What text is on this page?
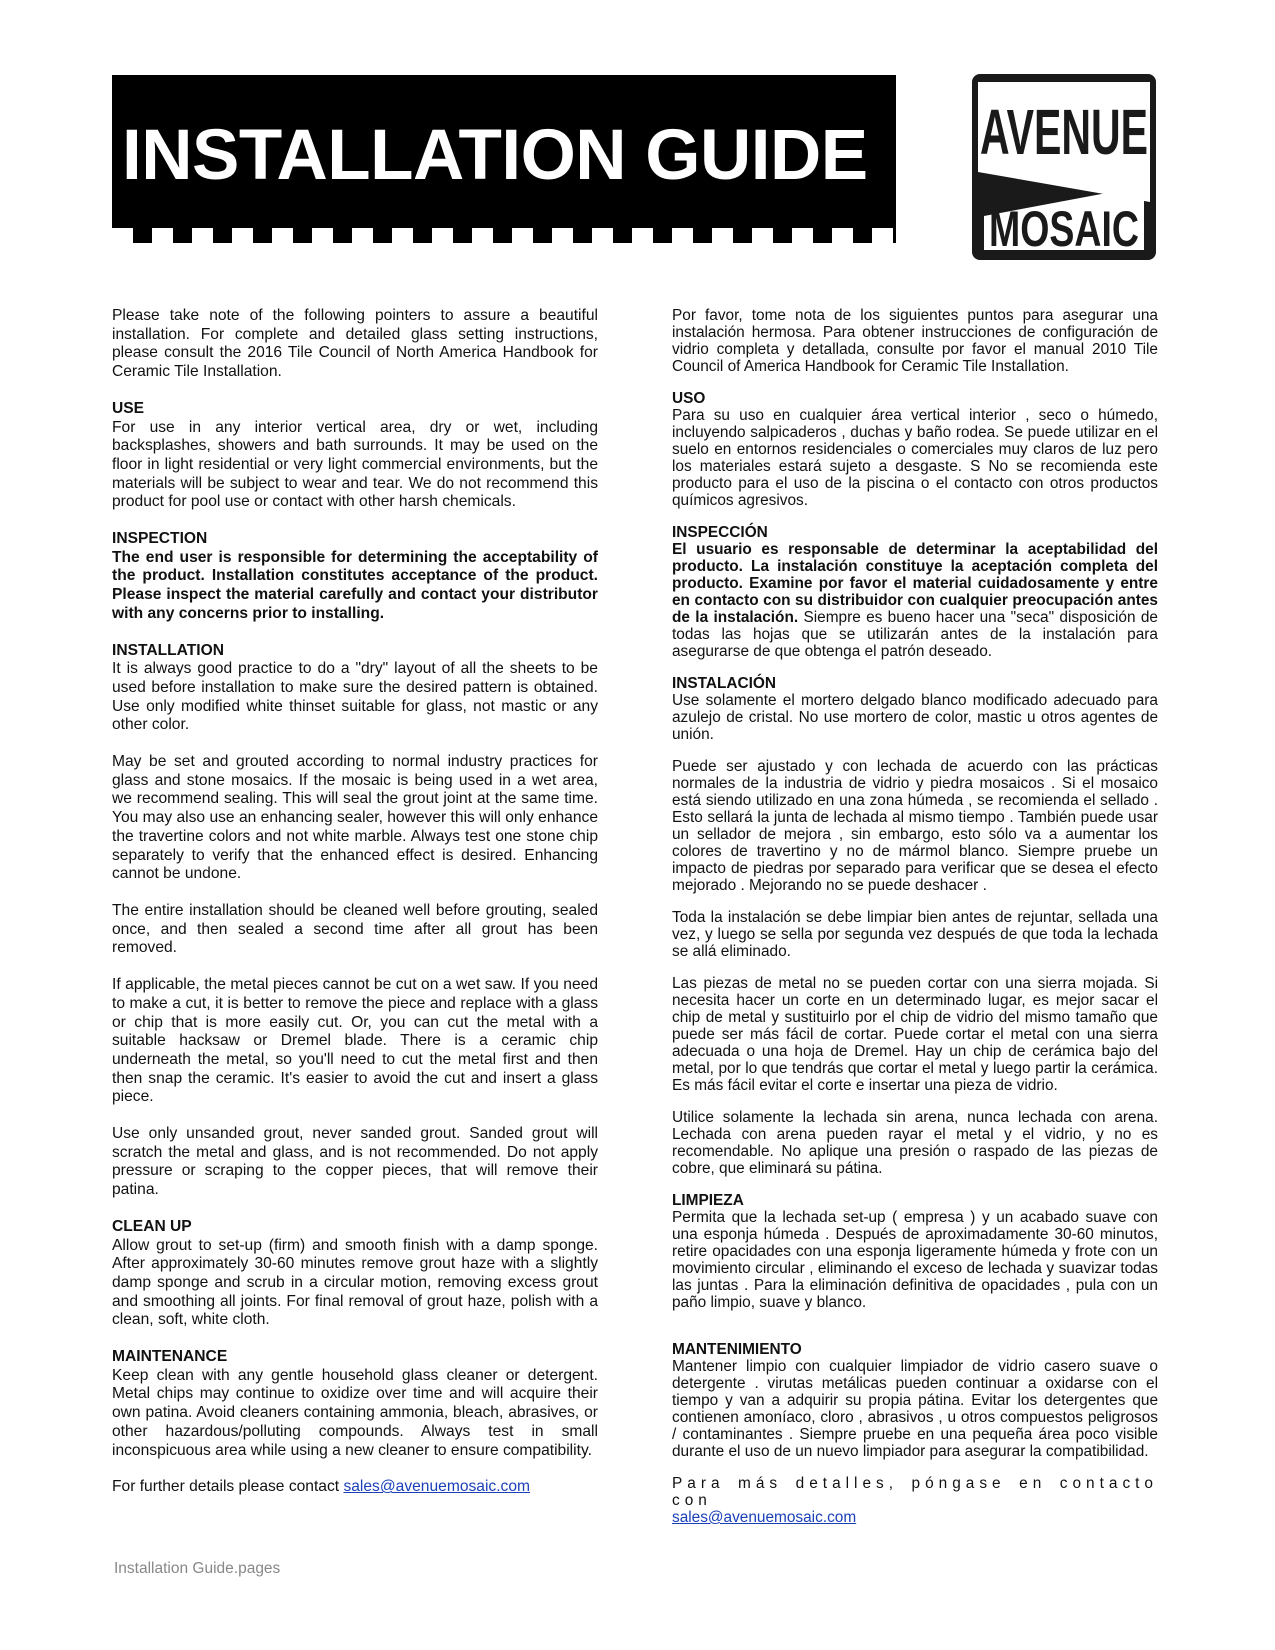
INSTALLATION GUIDE AVENUE
MOSAIC

Please take note of the following pointers to assure a beautiful installation. For complete and detailed glass setting instructions, please consult the 2016 Tile Council of North America Handbook for Ceramic Tile Installation.

USE

For use in any interior vertical area, dry or wet, including backsplashes, showers and bath surrounds. It may be used on the floor in light residential or very light commercial environments, but the materials will be subject to wear and tear. We do not recommend this product for pool use or contact with other harsh chemicals.

INSPECTION

The end user is responsible for determining the acceptability of the product. Installation constitutes acceptance of the product. Please inspect the material carefully and contact your distributor with any concerns prior to installing.

INSTALLATION

It is always good practice to do a "dry" layout of all the sheets to be used before installation to make sure the desired pattern is obtained. Use only modified white thinset suitable for glass, not mastic or any other color.

May be set and grouted according to normal industry practices for glass and stone mosaics. If the mosaic is being used in a wet area, we recommend sealing. This will seal the grout joint at the same time. You may also use an enhancing sealer, however this will only enhance the travertine colors and not white marble. Always test one stone chip separately to verify that the enhanced effect is desired. Enhancing cannot be undone.

The entire installation should be cleaned well before grouting, sealed once, and then sealed a second time after all grout has been removed.

If applicable, the metal pieces cannot be cut on a wet saw. If you need to make a cut, it is better to remove the piece and replace with a glass or chip that is more easily cut. Or, you can cut the metal with a suitable hacksaw or Dremel blade. There is a ceramic chip underneath the metal, so you'll need to cut the metal first and then then snap the ceramic. It's easier to avoid the cut and insert a glass piece.

Use only unsanded grout, never sanded grout. Sanded grout will scratch the metal and glass, and is not recommended. Do not apply pressure or scraping to the copper pieces, that will remove their patina.

CLEAN UP

Allow grout to set-up (firm) and smooth finish with a damp sponge. After approximately 30-60 minutes remove grout haze with a slightly damp sponge and scrub in a circular motion, removing excess grout and smoothing all joints. For final removal of grout haze, polish with a clean, soft, white cloth.

MAINTENANCE

Keep clean with any gentle household glass cleaner or detergent. Metal chips may continue to oxidize over time and will acquire their own patina. Avoid cleaners containing ammonia, bleach, abrasives, or other hazardous/polluting compounds. Always test in small inconspicuous area while using a new cleaner to ensure compatibility.

For further details please contact sales@avenuemosaic.com

Por favor, tome nota de los siguientes puntos para asegurar una instalación hermosa. Para obtener instrucciones de configuración de vidrio completa y detallada, consulte por favor el manual 2010 Tile Council of America Handbook for Ceramic Tile Installation.

USO

Para su uso en cualquier área vertical interior , seco o húmedo, incluyendo salpicaderos , duchas y baño rodea. Se puede utilizar en el suelo en entornos residenciales o comerciales muy claros de luz pero los materiales estará sujeto a desgaste. S No se recomienda este producto para el uso de la piscina o el contacto con otros productos químicos agresivos.

INSPECCIÓN

El usuario es responsable de determinar la aceptabilidad del producto. La instalación constituye la aceptación completa del producto. Examine por favor el material cuidadosamente y entre en contacto con su distribuidor con cualquier preocupación antes de la instalación. Siempre es bueno hacer una "seca" disposición de todas las hojas que se utilizarán antes de la instalación para asegurarse de que obtenga el patrón deseado.

INSTALACIÓN

Use solamente el mortero delgado blanco modificado adecuado para azulejo de cristal. No use mortero de color, mastic u otros agentes de unión.

Puede ser ajustado y con lechada de acuerdo con las prácticas normales de la industria de vidrio y piedra mosaicos . Si el mosaico está siendo utilizado en una zona húmeda , se recomienda el sellado . Esto sellará la junta de lechada al mismo tiempo . También puede usar un sellador de mejora , sin embargo, esto sólo va a aumentar los colores de travertino y no de mármol blanco. Siempre pruebe un impacto de piedras por separado para verificar que se desea el efecto mejorado . Mejorando no se puede deshacer .

Toda la instalación se debe limpiar bien antes de rejuntar, sellada una vez, y luego se sella por segunda vez después de que toda la lechada se allá eliminado.

Las piezas de metal no se pueden cortar con una sierra mojada. Si necesita hacer un corte en un determinado lugar, es mejor sacar el chip de metal y sustituirlo por el chip de vidrio del mismo tamaño que puede ser más fácil de cortar. Puede cortar el metal con una sierra adecuada o una hoja de Dremel. Hay un chip de cerámica bajo del metal, por lo que tendrás que cortar el metal y luego partir la cerámica. Es más fácil evitar el corte e insertar una pieza de vidrio.

Utilice solamente la lechada sin arena, nunca lechada con arena. Lechada con arena pueden rayar el metal y el vidrio, y no es recomendable. No aplique una presión o raspado de las piezas de cobre, que eliminará su pátina.

LIMPIEZA

Permita que la lechada set-up ( empresa ) y un acabado suave con una esponja húmeda . Después de aproximadamente 30-60 minutos, retire opacidades con una esponja ligeramente húmeda y frote con un movimiento circular , eliminando el exceso de lechada y suavizar todas las juntas . Para la eliminación definitiva de opacidades , pula con un paño limpio, suave y blanco.

MANTENIMIENTO

Mantener limpio con cualquier limpiador de vidrio casero suave o detergente . virutas metálicas pueden continuar a oxidarse con el tiempo y van a adquirir su propia pátina. Evitar los detergentes que contienen amoníaco, cloro , abrasivos , u otros compuestos peligrosos / contaminantes . Siempre pruebe en una pequeña área poco visible durante el uso de un nuevo limpiador para asegurar la compatibilidad.

Para más detalles, póngase en contacto con
sales@avenuemosaic.com

Installation Guide.pages
